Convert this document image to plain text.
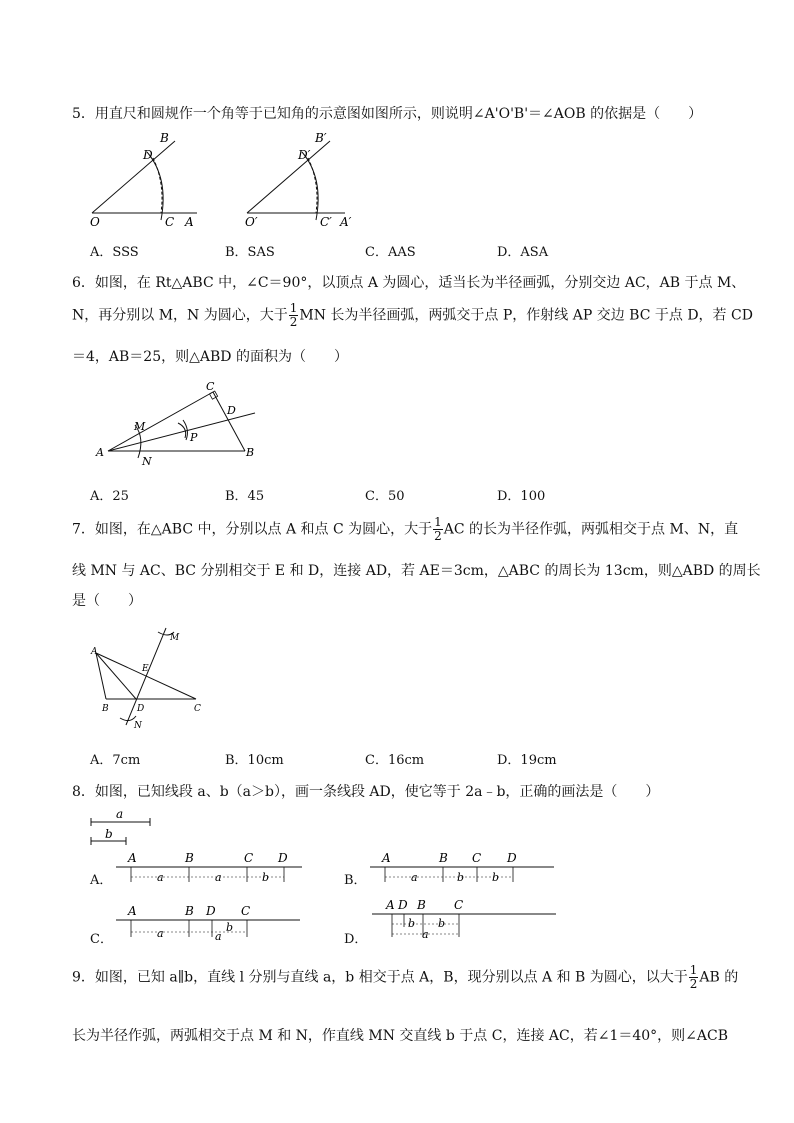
5．用直尺和圆规作一个角等于已知角的示意图如图所示，则说明∠A'O'B'＝∠AOB 的依据是（　　）
B
D
O	C A
B′
D′
O′	C′ A′
A．SSS	B．SAS	C．AAS	D．ASA
6．如图，在 Rt△ABC 中，∠C＝90°，以顶点 A 为圆心，适当长为半径画弧，分别交边 AC，AB 于点 M、
N，再分别以 M，N 为圆心，大于 $\frac{1}{2}$ MN 长为半径画弧，两弧交于点 P，作射线 AP 交边 BC 于点 D，若 CD
＝4，AB＝25，则△ABD 的面积为（　　）
C
D
M
P
A
N
B
A．25	B．45	C．50	D．100
7．如图，在△ABC 中，分别以点 A 和点 C 为圆心，大于 $\frac{1}{2}$ AC 的长为半径作弧，两弧相交于点 M、N，直
线 MN 与 AC、BC 分别相交于 E 和 D，连接 AD，若 AE＝3cm，△ABC 的周长为 13cm，则△ABD 的周长
是（　　）
M
A
E
B	D	C
N
A．7cm	B．10cm	C．16cm	D．19cm
8．如图，已知线段 a、b（a＞b），画一条线段 AD，使它等于 2a﹣b，正确的画法是（　　）
a
b
A．
A	B	C D
a	a	b	B．
A	B C D
a	b	b
C．
A	B D C
a	a
b
D．
A D B C
b
a
b
9．如图，已知 a∥b，直线 l 分别与直线 a，b 相交于点 A，B，现分别以点 A 和 B 为圆心，以大于 $\frac{1}{2}$ AB 的
长为半径作弧，两弧相交于点 M 和 N，作直线 MN 交直线 b 于点 C，连接 AC，若∠1＝40°，则∠ACB
